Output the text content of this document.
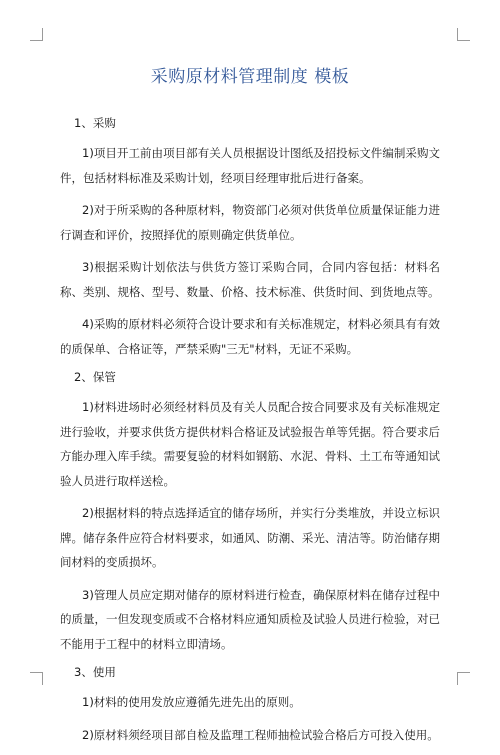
采购原材料管理制度 模板
1、采购

1)项目开工前由项目部有关人员根据设计图纸及招投标文件编制采购文件，包括材料标准及采购计划，经项目经理审批后进行备案。

2)对于所采购的各种原材料，物资部门必须对供货单位质量保证能力进行调查和评价，按照择优的原则确定供货单位。

3)根据采购计划依法与供货方签订采购合同，合同内容包括：材料名称、类别、规格、型号、数量、价格、技术标准、供货时间、到货地点等。

4)采购的原材料必须符合设计要求和有关标准规定，材料必须具有有效的质保单、合格证等，严禁采购"三无"材料，无证不采购。

2、保管

1)材料进场时必须经材料员及有关人员配合按合同要求及有关标准规定进行验收，并要求供货方提供材料合格证及试验报告单等凭据。符合要求后方能办理入库手续。需要复验的材料如钢筋、水泥、骨料、土工布等通知试验人员进行取样送检。

2)根据材料的特点选择适宜的储存场所，并实行分类堆放，并设立标识牌。储存条件应符合材料要求，如通风、防潮、采光、清洁等。防治储存期间材料的变质损坏。

3)管理人员应定期对储存的原材料进行检查，确保原材料在储存过程中的质量，一但发现变质或不合格材料应通知质检及试验人员进行检验，对已不能用于工程中的材料立即清场。

3、使用

1)材料的使用发放应遵循先进先出的原则。

2)原材料须经项目部自检及监理工程师抽检试验合格后方可投入使用。
